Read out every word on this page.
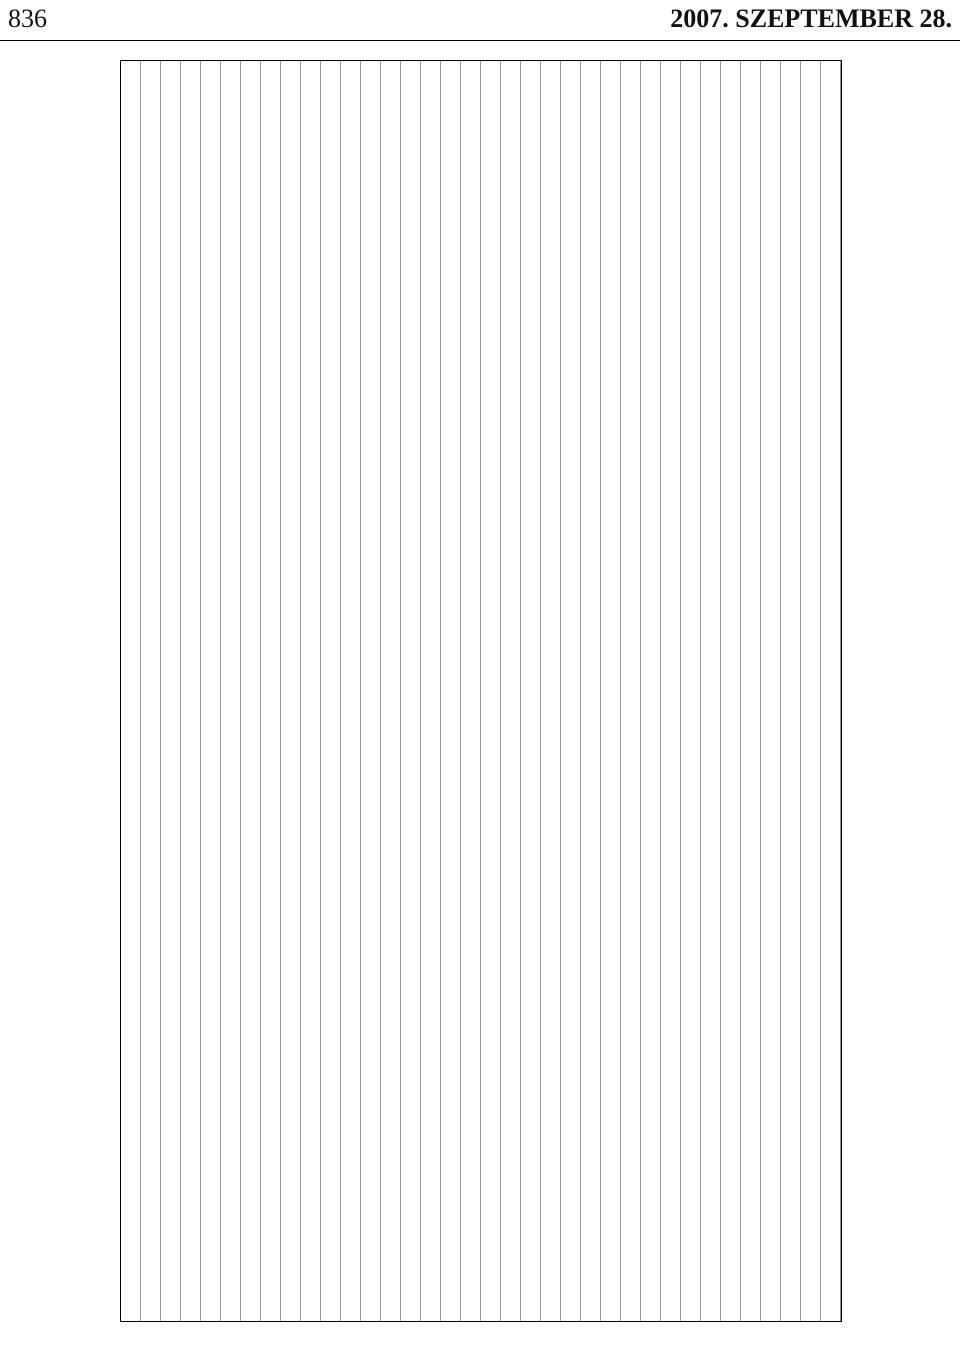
836	2007. SZEPTEMBER 28.
